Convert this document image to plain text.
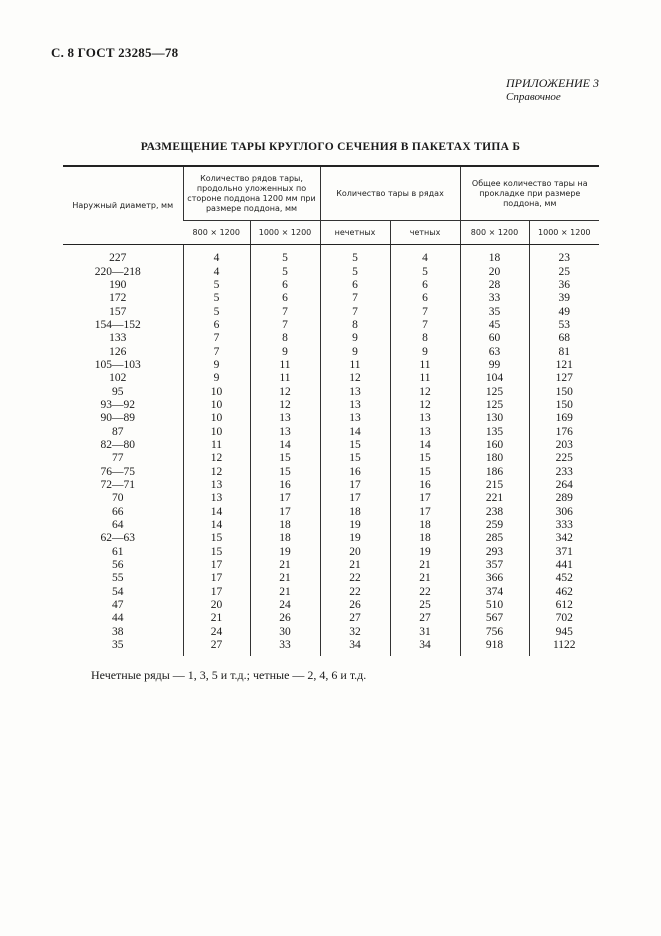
С. 8 ГОСТ 23285—78
ПРИЛОЖЕНИЕ 3
Справочное
РАЗМЕЩЕНИЕ ТАРЫ КРУГЛОГО СЕЧЕНИЯ В ПАКЕТАХ ТИПА Б
Наружный диаметр, мм	Количество рядов тары, продольно уложенных по стороне поддона 1200 мм при размере поддона, мм		Количество тары в рядах		Общее количество тары на прокладке при размере поддона, мм	
	800 × 1200	1000 × 1200	нечетных	четных	800 × 1200	1000 × 1200
227	4	5	5	4	18	23
220—218	4	5	5	5	20	25
190	5	6	6	6	28	36
172	5	6	7	6	33	39
157	5	7	7	7	35	49
154—152	6	7	8	7	45	53
133	7	8	9	8	60	68
126	7	9	9	9	63	81
105—103	9	11	11	11	99	121
102	9	11	12	11	104	127
95	10	12	13	12	125	150
93—92	10	12	13	12	125	150
90—89	10	13	13	13	130	169
87	10	13	14	13	135	176
82—80	11	14	15	14	160	203
77	12	15	15	15	180	225
76—75	12	15	16	15	186	233
72—71	13	16	17	16	215	264
70	13	17	17	17	221	289
66	14	17	18	17	238	306
64	14	18	19	18	259	333
62—63	15	18	19	18	285	342
61	15	19	20	19	293	371
56	17	21	21	21	357	441
55	17	21	22	21	366	452
54	17	21	22	22	374	462
47	20	24	26	25	510	612
44	21	26	27	27	567	702
38	24	30	32	31	756	945
35	27	33	34	34	918	1122
Нечетные ряды — 1, 3, 5 и т.д.; четные — 2, 4, 6 и т.д.
